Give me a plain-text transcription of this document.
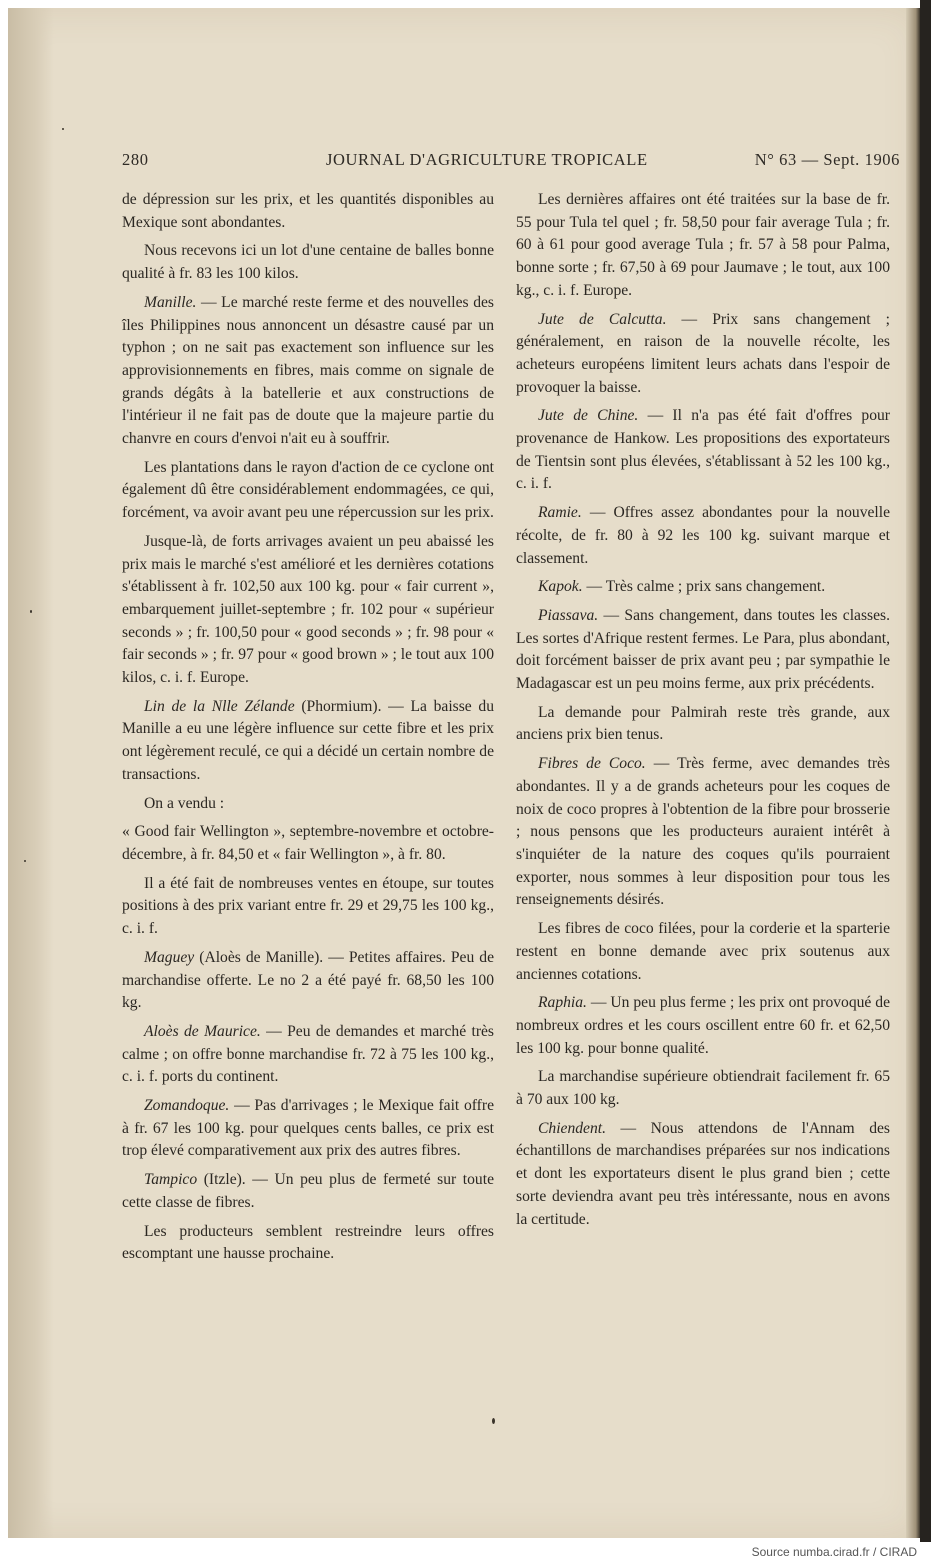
280	JOURNAL D'AGRICULTURE TROPICALE	N° 63 — Sept. 1906

de dépression sur les prix, et les quantités disponibles au Mexique sont abondantes.

Nous recevons ici un lot d'une centaine de balles bonne qualité à fr. 83 les 100 kilos.

Manille. — Le marché reste ferme et des nouvelles des îles Philippines nous annoncent un désastre causé par un typhon ; on ne sait pas exactement son influence sur les approvisionnements en fibres, mais comme on signale de grands dégâts à la batellerie et aux constructions de l'intérieur il ne fait pas de doute que la majeure partie du chanvre en cours d'envoi n'ait eu à souffrir.

Les plantations dans le rayon d'action de ce cyclone ont également dû être considérablement endommagées, ce qui, forcément, va avoir avant peu une répercussion sur les prix.

Jusque-là, de forts arrivages avaient un peu abaissé les prix mais le marché s'est amélioré et les dernières cotations s'établissent à fr. 102,50 aux 100 kg. pour « fair current », embarquement juillet-septembre ; fr. 102 pour « supérieur seconds » ; fr. 100,50 pour « good seconds » ; fr. 98 pour « fair seconds » ; fr. 97 pour « good brown » ; le tout aux 100 kilos, c. i. f. Europe.

Lin de la Nlle Zélande (Phormium). — La baisse du Manille a eu une légère influence sur cette fibre et les prix ont légèrement reculé, ce qui a décidé un certain nombre de transactions.

On a vendu :

« Good fair Wellington », septembre-novembre et octobre-décembre, à fr. 84,50 et « fair Wellington », à fr. 80.

Il a été fait de nombreuses ventes en étoupe, sur toutes positions à des prix variant entre fr. 29 et 29,75 les 100 kg., c. i. f.

Maguey (Aloès de Manille). — Petites affaires. Peu de marchandise offerte. Le no 2 a été payé fr. 68,50 les 100 kg.

Aloès de Maurice. — Peu de demandes et marché très calme ; on offre bonne marchandise fr. 72 à 75 les 100 kg., c. i. f. ports du continent.

Zomandoque. — Pas d'arrivages ; le Mexique fait offre à fr. 67 les 100 kg. pour quelques cents balles, ce prix est trop élevé comparativement aux prix des autres fibres.

Tampico (Itzle). — Un peu plus de fermeté sur toute cette classe de fibres.

Les producteurs semblent restreindre leurs offres escomptant une hausse prochaine.

Les dernières affaires ont été traitées sur la base de fr. 55 pour Tula tel quel ; fr. 58,50 pour fair average Tula ; fr. 60 à 61 pour good average Tula ; fr. 57 à 58 pour Palma, bonne sorte ; fr. 67,50 à 69 pour Jaumave ; le tout, aux 100 kg., c. i. f. Europe.

Jute de Calcutta. — Prix sans changement ; généralement, en raison de la nouvelle récolte, les acheteurs européens limitent leurs achats dans l'espoir de provoquer la baisse.

Jute de Chine. — Il n'a pas été fait d'offres pour provenance de Hankow. Les propositions des exportateurs de Tientsin sont plus élevées, s'établissant à 52 les 100 kg., c. i. f.

Ramie. — Offres assez abondantes pour la nouvelle récolte, de fr. 80 à 92 les 100 kg. suivant marque et classement.

Kapok. — Très calme ; prix sans changement.

Piassava. — Sans changement, dans toutes les classes. Les sortes d'Afrique restent fermes. Le Para, plus abondant, doit forcément baisser de prix avant peu ; par sympathie le Madagascar est un peu moins ferme, aux prix précédents.

La demande pour Palmirah reste très grande, aux anciens prix bien tenus.

Fibres de Coco. — Très ferme, avec demandes très abondantes. Il y a de grands acheteurs pour les coques de noix de coco propres à l'obtention de la fibre pour brosserie ; nous pensons que les producteurs auraient intérêt à s'inquiéter de la nature des coques qu'ils pourraient exporter, nous sommes à leur disposition pour tous les renseignements désirés.

Les fibres de coco filées, pour la corderie et la sparterie restent en bonne demande avec prix soutenus aux anciennes cotations.

Raphia. — Un peu plus ferme ; les prix ont provoqué de nombreux ordres et les cours oscillent entre 60 fr. et 62,50 les 100 kg. pour bonne qualité.

La marchandise supérieure obtiendrait facilement fr. 65 à 70 aux 100 kg.

Chiendent. — Nous attendons de l'Annam des échantillons de marchandises préparées sur nos indications et dont les exportateurs disent le plus grand bien ; cette sorte deviendra avant peu très intéressante, nous en avons la certitude.

Source numba.cirad.fr / CIRAD
